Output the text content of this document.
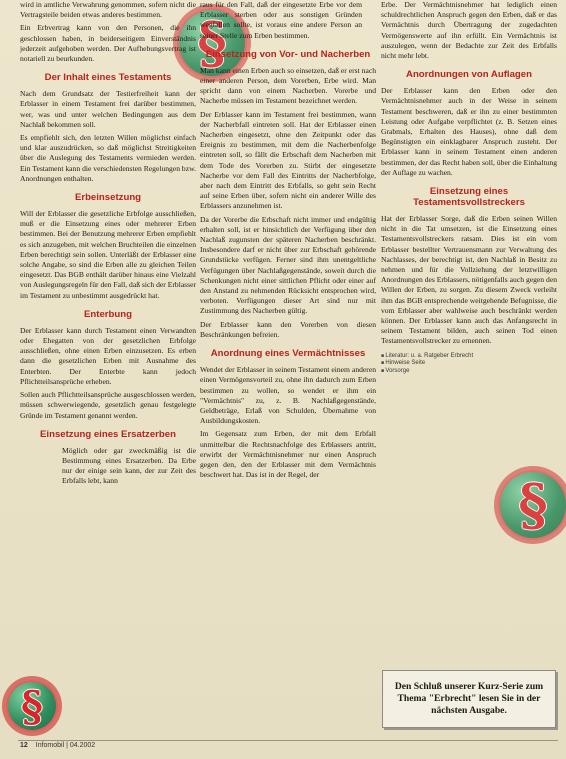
§
§
§

wird in amtliche Verwahrung genommen, sofern nicht die Vertragsteile beiden etwas anderes bestimmen.

Ein Erbvertrag kann von den Personen, die ihn geschlossen haben, in beiderseitigem Einverständnis jederzeit aufgehoben werden. Der Aufhebungsvertrag ist notariell zu beurkunden.

Der Inhalt eines Testaments

Nach dem Grundsatz der Testierfreiheit kann der Erblasser in einem Testament frei darüber bestimmen, wer, was und unter welchen Bedingungen aus dem Nachlaß bekommen soll.

Es empfiehlt sich, den letzten Willen möglichst einfach und klar auszudrücken, so daß möglichst Streitigkeiten über die Auslegung des Testaments vermieden werden. Ein Testament kann die verschiedensten Regelungen bzw. Anordnungen enthalten.

Erbeinsetzung

Will der Erblasser die gesetzliche Erbfolge ausschließen, muß er die Einsetzung eines oder mehrerer Erben bestimmen. Bei der Benutzung mehrerer Erben empfiehlt es sich anzugeben, mit welchen Bruchteilen die einzelnen Erben berechtigt sein sollen. Unterläßt der Erblasser eine solche Angabe, so sind die Erben alle zu gleichen Teilen eingesetzt. Das BGB enthält darüber hinaus eine Vielzahl von Auslegungsregeln für den Fall, daß sich der Erblasser im Testament zu unbestimmt ausgedrückt hat.

Enterbung

Der Erblasser kann durch Testament einen Verwandten oder Ehegatten von der gesetzlichen Erbfolge ausschließen, ohne einen Erben einzusetzen. Es erben dann die gesetzlichen Erben mit Ausnahme des Enterbten. Der Enterbte kann jedoch Pflichtteilsansprüche erheben.

Sollen auch Pflichtteilsansprüche ausgeschlossen werden, müssen schwerwiegende, gesetzlich genau festgelegte Gründe im Testament genannt werden.

Einsetzung eines Ersatzerben

Möglich oder gar zweckmäßig ist die Bestimmung eines Ersatzerben. Da Erbe nur der einige sein kann, der zur Zeit des Erbfalls lebt, kann

raus für den Fall, daß der eingesetzte Erbe vor dem Erblasser sterben oder aus sonstigen Gründen wegfallen sollte, ist voraus eine andere Person an seiner Stelle zum Erben bestimmen.

Einsetzung von Vor- und Nacherben

Man kann einen Erben auch so einsetzen, daß er erst nach einer anderen Person, dem Vorerben, Erbe wird. Man spricht dann von einem Nacherben. Vorerbe und Nacherbe müssen im Testament bezeichnet werden.

Der Erblasser kann im Testament frei bestimmen, wann der Nacherbfall eintreten soll. Hat der Erblasser einen Nacherben eingesetzt, ohne den Zeitpunkt oder das Ereignis zu bestimmen, mit dem die Nacherbenfolge eintreten soll, so fällt die Erbschaft dem Nacherben mit dem Tode des Vorerben zu. Stirbt der eingesetzte Nacherbe vor dem Fall des Eintritts der Nacherbfolge, aber nach dem Eintritt des Erbfalls, so geht sein Recht auf seine Erben über, sofern nicht ein anderer Wille des Erblassers anzunehmen ist.

Da der Vorerbe die Erbschaft nicht immer und endgültig erhalten soll, ist er hinsichtlich der Verfügung über den Nachlaß zugunsten der späteren Nacherben beschränkt. Insbesondere darf er nicht über zur Erbschaft gehörende Grundstücke verfügen. Ferner sind ihm unentgeltliche Verfügungen über Nachlaßgegenstände, soweit durch die Schenkungen nicht einer sittlichen Pflicht oder einer auf den Anstand zu nehmenden Rücksicht entsprochen wird, verboten. Verfügungen dieser Art sind nur mit Zustimmung des Nacherben gültig.

Der Erblasser kann den Vorerben von diesen Beschränkungen befreien.

Anordnung eines Vermächtnisses

Wendet der Erblasser in seinem Testament einem anderen einen Vermögensvorteil zu, ohne ihn dadurch zum Erben bestimmen zu wollen, so wendet er ihm ein "Vermächtnis" zu, z. B. Nachlaßgegenstände, Geldbeträge, Erlaß von Schulden, Übernahme von Ausbildungskosten.

Im Gegensatz zum Erben, der mit dem Erbfall unmittelbar die Rechtsnachfolge des Erblassers antritt, erwirbt der Vermächtnisnehmer nur einen Anspruch gegen den, den der Erblasser mit dem Vermächtnis beschwert hat. Das ist in der Regel, der

Erbe. Der Vermächtnisnehmer hat lediglich einen schuldrechtlichen Anspruch gegen den Erben, daß er das Vermächtnis durch Übertragung der zugedachten Vermögenswerte auf ihn erfüllt. Ein Vermächtnis ist auszulegen, wenn der Bedachte zur Zeit des Erbfalls nicht mehr lebt.

Anordnungen von Auflagen

Der Erblasser kann den Erben oder den Vermächtnisnehmer auch in der Weise in seinem Testament beschweren, daß er ihn zu einer bestimmten Leistung oder Aufgabe verpflichtet (z. B. Setzen eines Grabmals, Erhalten des Hauses), ohne daß dem Begünstigten ein einklagbarer Anspruch zusteht. Der Erblasser kann in seinem Testament einen anderen bestimmen, der das Recht haben soll, über die Einhaltung der Auflage zu wachen.

Einsetzung eines Testamentsvollstreckers

Hat der Erblasser Sorge, daß die Erben seinen Willen nicht in die Tat umsetzen, ist die Einsetzung eines Testamentsvollstreckers ratsam. Dies ist ein vom Erblasser bestellter Vertrauensmann zur Verwaltung des Nachlasses, der berechtigt ist, den Nachlaß in Besitz zu nehmen und für die Vollziehung der letztwilligen Anordnungen des Erblassers, nötigenfalls auch gegen den Willen der Erben, zu sorgen. Zu diesem Zweck verleiht ihm das BGB entsprechende weitgehende Befugnisse, die vom Erblasser aber wahlweise auch beschränkt werden können. Der Erblasser kann auch das Anfangsrecht in seinem Testament bilden, auch seinen Tod einen Testamentsvollstrecker zu ernennen.

■ Literatur: u. a. Ratgeber Erbrecht
■ Hinweise Seite
■ Vorsorge
Den Schluß unserer Kurz-Serie zum Thema "Erbrecht" lesen Sie in der nächsten Ausgabe.
12 Infomobil | 04.2002
